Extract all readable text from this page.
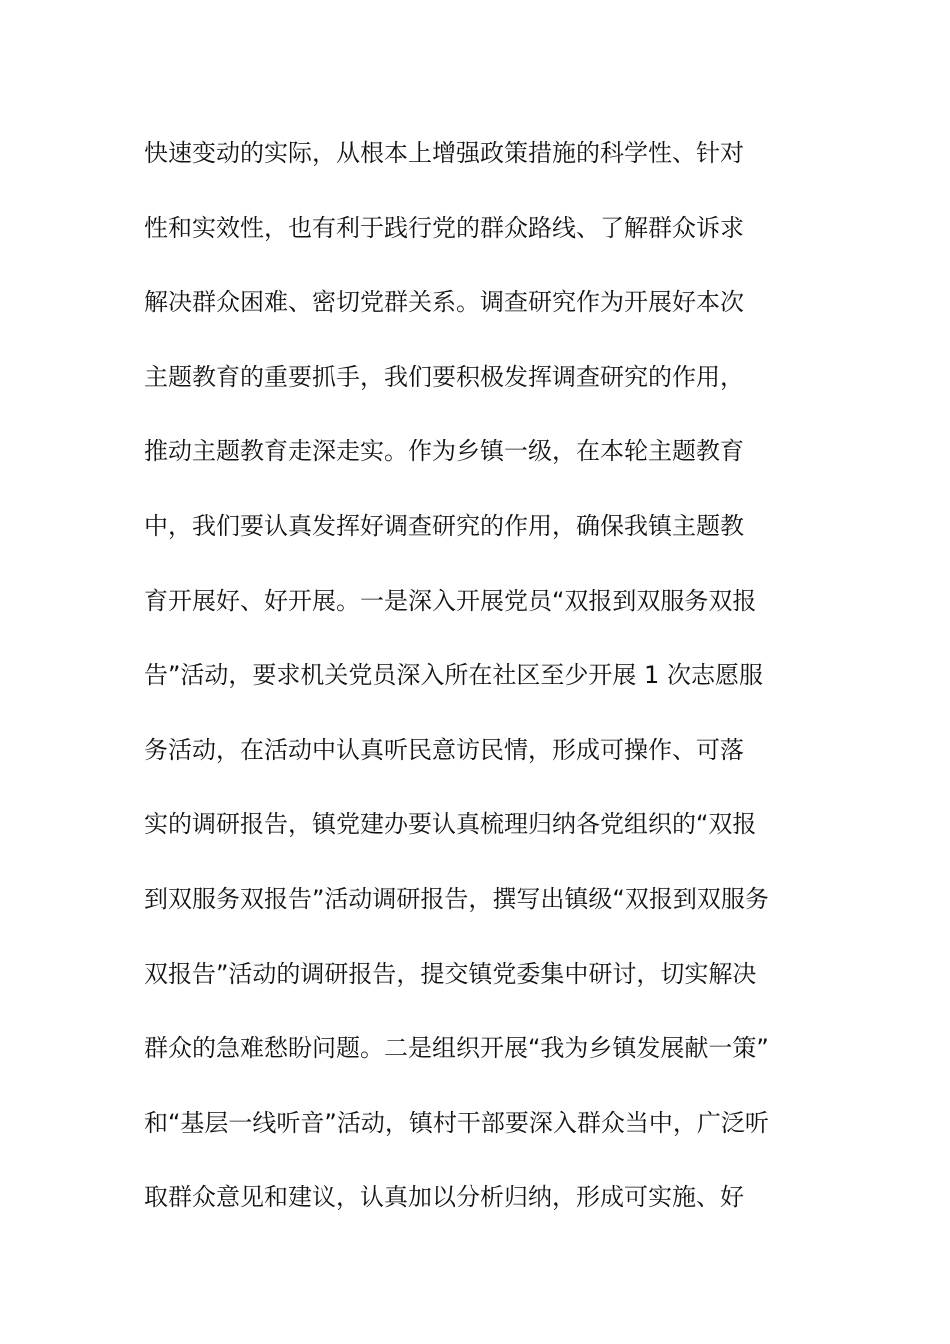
快速变动的实际，从根本上增强政策措施的科学性、针对
性和实效性，也有利于践行党的群众路线、了解群众诉求
解决群众困难、密切党群关系。调查研究作为开展好本次
主题教育的重要抓手，我们要积极发挥调查研究的作用，
推动主题教育走深走实。作为乡镇一级，在本轮主题教育
中，我们要认真发挥好调查研究的作用，确保我镇主题教
育开展好、好开展。一是深入开展党员“双报到双服务双报
告”活动，要求机关党员深入所在社区至少开展 1 次志愿服
务活动，在活动中认真听民意访民情，形成可操作、可落
实的调研报告，镇党建办要认真梳理归纳各党组织的“双报
到双服务双报告”活动调研报告，撰写出镇级“双报到双服务
双报告”活动的调研报告，提交镇党委集中研讨，切实解决
群众的急难愁盼问题。二是组织开展“我为乡镇发展献一策”
和“基层一线听音”活动，镇村干部要深入群众当中，广泛听
取群众意见和建议，认真加以分析归纳，形成可实施、好
